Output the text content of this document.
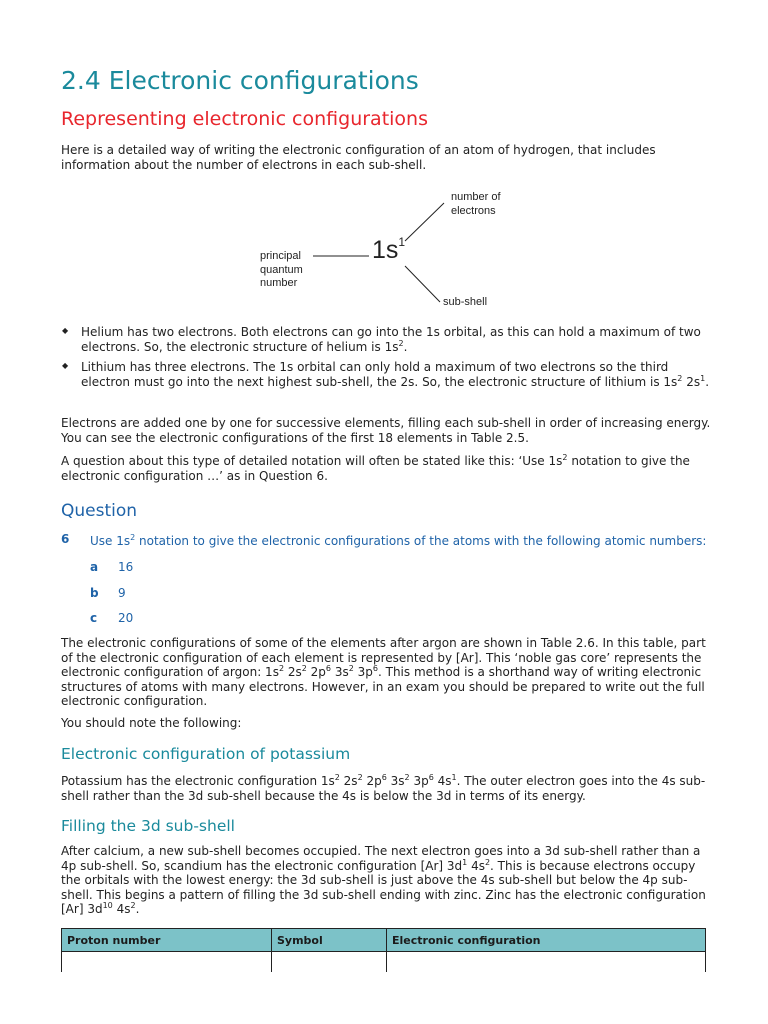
2.4 Electronic configurations
Representing electronic configurations

Here is a detailed way of writing the electronic configuration of an atom of hydrogen, that includes information about the number of electrons in each sub-shell.

principal
quantum
number
number of
electrons
sub-shell
$1s^1$
◆ Helium has two electrons. Both electrons can go into the 1s orbital, as this can hold a maximum of two electrons. So, the electronic structure of helium is $1s^2$.

◆ Lithium has three electrons. The 1s orbital can only hold a maximum of two electrons so the third electron must go into the next highest sub-shell, the 2s. So, the electronic structure of lithium is $1s^2$ $2s^1$.

Electrons are added one by one for successive elements, filling each sub-shell in order of increasing energy. You can see the electronic configurations of the first 18 elements in Table 2.5.

A question about this type of detailed notation will often be stated like this: ‘Use $1s^2$ notation to give the electronic configuration …’ as in Question 6.

Question
6 Use $1s^2$ notation to give the electronic configurations of the atoms with the following atomic numbers:
a 16
b 9
c 20

The electronic configurations of some of the elements after argon are shown in Table 2.6. In this table, part of the electronic configuration of each element is represented by [Ar]. This ‘noble gas core’ represents the electronic configuration of argon: $1s^2$ $2s^2$ $2p^6$ $3s^2$ $3p^6$. This method is a shorthand way of writing electronic structures of atoms with many electrons. However, in an exam you should be prepared to write out the full electronic configuration.

You should note the following:

Electronic configuration of potassium

Potassium has the electronic configuration $1s^2$ $2s^2$ $2p^6$ $3s^2$ $3p^6$ $4s^1$. The outer electron goes into the 4s sub-shell rather than the 3d sub-shell because the 4s is below the 3d in terms of its energy.

Filling the 3d sub-shell

After calcium, a new sub-shell becomes occupied. The next electron goes into a 3d sub-shell rather than a 4p sub-shell. So, scandium has the electronic configuration [Ar] $3d^1$ $4s^2$. This is because electrons occupy the orbitals with the lowest energy: the 3d sub-shell is just above the 4s sub-shell but below the 4p sub-shell. This begins a pattern of filling the 3d sub-shell ending with zinc. Zinc has the electronic configuration [Ar] $3d^{10}$ $4s^2$.

Proton number	Symbol	Electronic configuration
